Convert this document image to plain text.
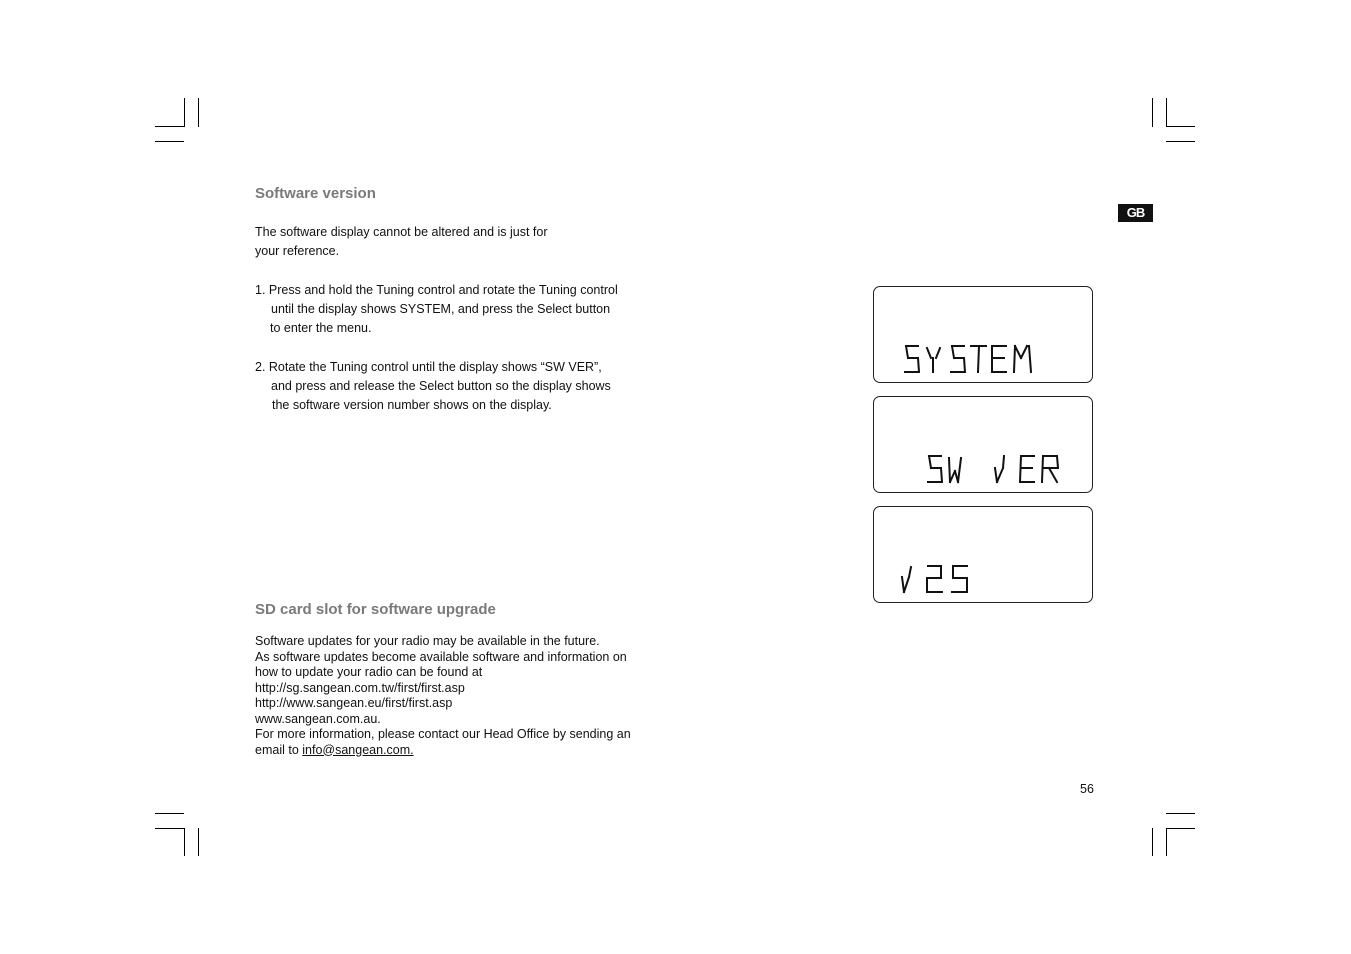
GB
Software version

The software display cannot be altered and is just for
your reference.

1. Press and hold the Tuning control and rotate the Tuning control
until the display shows SYSTEM, and press the Select button
to enter the menu.

2. Rotate the Tuning control until the display shows “SW VER”,
and press and release the Select button so the display shows
the software version number shows on the display.

SD card slot for software upgrade

Software updates for your radio may be available in the future.
As software updates become available software and information on
how to update your radio can be found at
http://sg.sangean.com.tw/first/first.asp
http://www.sangean.eu/first/first.asp
www.sangean.com.au.
For more information, please contact our Head Office by sending an
email to info@sangean.com.

56
